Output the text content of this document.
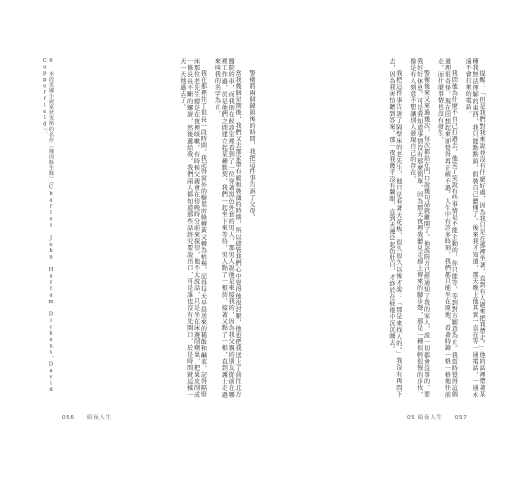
警衛將兩個鐘頭後的時間，我把這件事告訴了父母。

當我幾個星期後，我們又去那家帶有暖和裝潢的時期，所以儘管我們心中覺得他很討厭，他也把我送上了前往北方醫院的車，而我則在候診室裡看到了一位穿著黑色外套的男人，那男人說他是來接我的，因為我父親的朋友從前在哪裡工作過，於是他們之間建立起某種默契，我們一起坐下來等待，男人點了一根菸，接著又點了一根，直到護士走過來叫我的名字為止。

我在那裡住了很長一段時間，我記得窗外的樹葉由綠轉黃又轉為枯褐，記得每天早晨送來的稀飯和鹹菜，記得隔壁床那位老先生總是在夜裡咳嗽。有時候父親會在傍晚時分前來探望，他不太說話，只是坐在床邊削蘋果，把果皮削成一條長長不斷的螺旋，然後遞給我。我們兩人都知道那些話終究要說出口，可是誰也沒有先開口，於是時間就這樣一天一天地過去了。

6 本段英國小說家狄更斯的名作《塊肉餘生錄》（Charles John Huffam Dickens，David Copperfield）。	提醒：「但是我們對我來說並沒有什麼好處，因為我只是在那裡坐著，直到有人過來把我帶走。」他的話裡帶著某種我無法理解的東西，我只能點點頭，假裝自己聽懂了。後來我才知道，那天晚上他其實一直在等一通電話，一通永遠不會打來的電話。

我問他為什麼不自己打過去，他笑了笑說有些事情是不能主動的，你只能等，等到對方願意為止。我當時覺得這個道理很奇怪，現在回想起來卻覺得再正確不過。人生中有許多時刻，我們都只能坐在原地，看著時鐘一格一格地往前走，而什麼事情也沒有發生。

警衛後來又來過幾次，每次都站在門口說幾句話就離開了。他說院方已經通知了我的家人，說一切都會沒事的，要我好好休息。可是我知道事情沒有那麼簡單，因為那天夜裡我聽見走廊上傳來的腳步聲，那是一種很輕很慢的步伐，像是有人刻意不想讓別人發現自己的存在。

我把這件事告訴了隔壁床的老先生，他只是看著天花板，很久很久以後才說：「那是來找人的。」我沒有再問下去，因為我害怕聽到答案。那一夜我幾乎沒有闔眼，直到天邊泛起魚肚白，才終於在疲倦中沉沉睡去。

056 暗夜人生	05 暗夜人生 057
